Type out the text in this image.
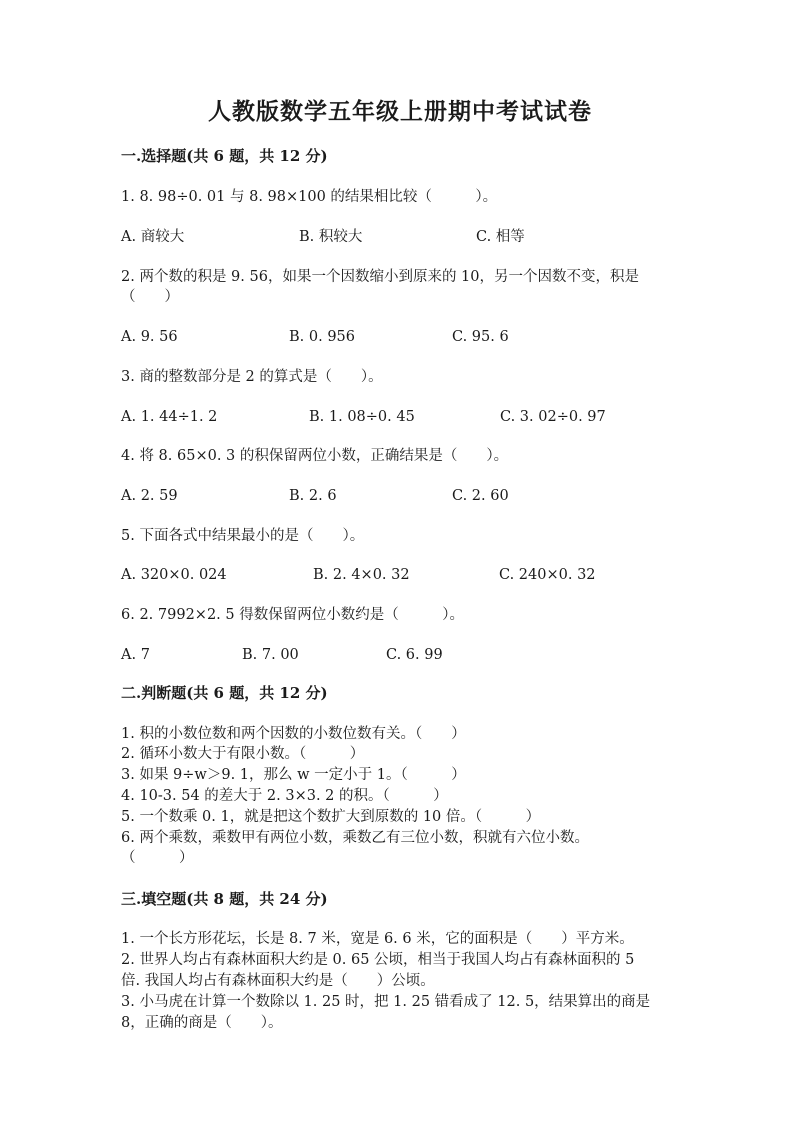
人教版数学五年级上册期中考试试卷
一.选择题(共 6 题，共 12 分)
1. 8. 98÷0. 01 与 8. 98×100 的结果相比较（　　　）。
A. 商较大	B. 积较大	C. 相等
2. 两个数的积是 9. 56，如果一个因数缩小到原来的 10，另一个因数不变，积是
（　　）
A. 9. 56	B. 0. 956	C. 95. 6
3. 商的整数部分是 2 的算式是（　　）。
A. 1. 44÷1. 2	B. 1. 08÷0. 45	C. 3. 02÷0. 97
4. 将 8. 65×0. 3 的积保留两位小数，正确结果是（　　）。
A. 2. 59	B. 2. 6	C. 2. 60
5. 下面各式中结果最小的是（　　）。
A. 320×0. 024	B. 2. 4×0. 32	C. 240×0. 32
6. 2. 7992×2. 5 得数保留两位小数约是（　　　）。
A. 7	B. 7. 00	C. 6. 99
二.判断题(共 6 题，共 12 分)
1. 积的小数位数和两个因数的小数位数有关。（　　）
2. 循环小数大于有限小数。（　　　）
3. 如果 9÷w＞9. 1，那么 w 一定小于 1。（　　　）
4. 10-3. 54 的差大于 2. 3×3. 2 的积。（　　　）
5. 一个数乘 0. 1，就是把这个数扩大到原数的 10 倍。（　　　）
6. 两个乘数，乘数甲有两位小数，乘数乙有三位小数，积就有六位小数。
（　　　）
三.填空题(共 8 题，共 24 分)
1. 一个长方形花坛，长是 8. 7 米，宽是 6. 6 米，它的面积是（　　）平方米。
2. 世界人均占有森林面积大约是 0. 65 公顷，相当于我国人均占有森林面积的 5
倍. 我国人均占有森林面积大约是（　　）公顷。
3. 小马虎在计算一个数除以 1. 25 时，把 1. 25 错看成了 12. 5，结果算出的商是
8，正确的商是（　　）。
